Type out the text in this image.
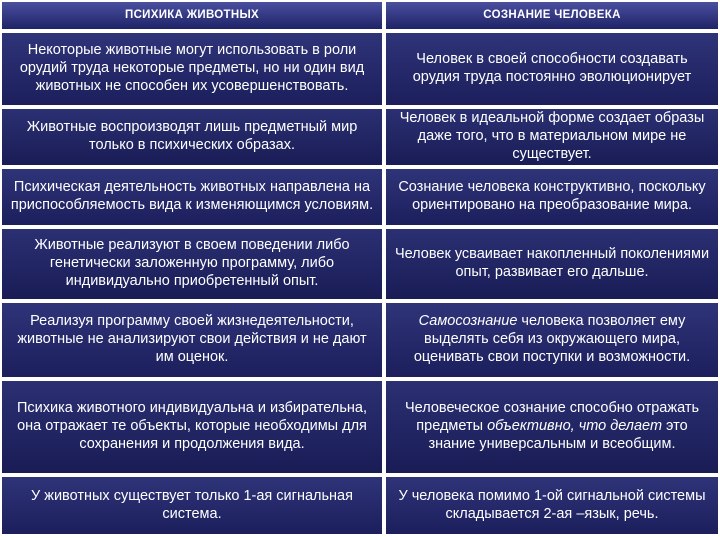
ПСИХИКА ЖИВОТНЫХ	СОЗНАНИЕ ЧЕЛОВЕКА
Некоторые животные могут использовать в роли орудий труда некоторые предметы, но ни один вид животных не способен их усовершенствовать.
Человек в своей способности создавать орудия труда постоянно эволюционирует
Животные воспроизводят лишь предметный мир только в психических образах.
Человек в идеальной форме создает образы даже того, что в материальном мире не существует.
Психическая деятельность животных направлена на приспособляемость вида к изменяющимся условиям.
Сознание человека конструктивно, поскольку ориентировано на преобразование мира.
Животные реализуют в своем поведении либо генетически заложенную программу, либо индивидуально приобретенный опыт.
Человек усваивает накопленный поколениями опыт, развивает его дальше.
Реализуя программу своей жизнедеятельности, животные не анализируют свои действия и не дают им оценок.
Самосознание человека позволяет ему выделять себя из окружающего мира, оценивать свои поступки и возможности.
Психика животного индивидуальна и избирательна, она отражает те объекты, которые необходимы для сохранения и продолжения вида.
Человеческое сознание способно отражать предметы объективно, что делает это знание универсальным и всеобщим.
У животных существует только 1-ая сигнальная система.
У человека помимо 1-ой сигнальной системы складывается 2-ая –язык, речь.
